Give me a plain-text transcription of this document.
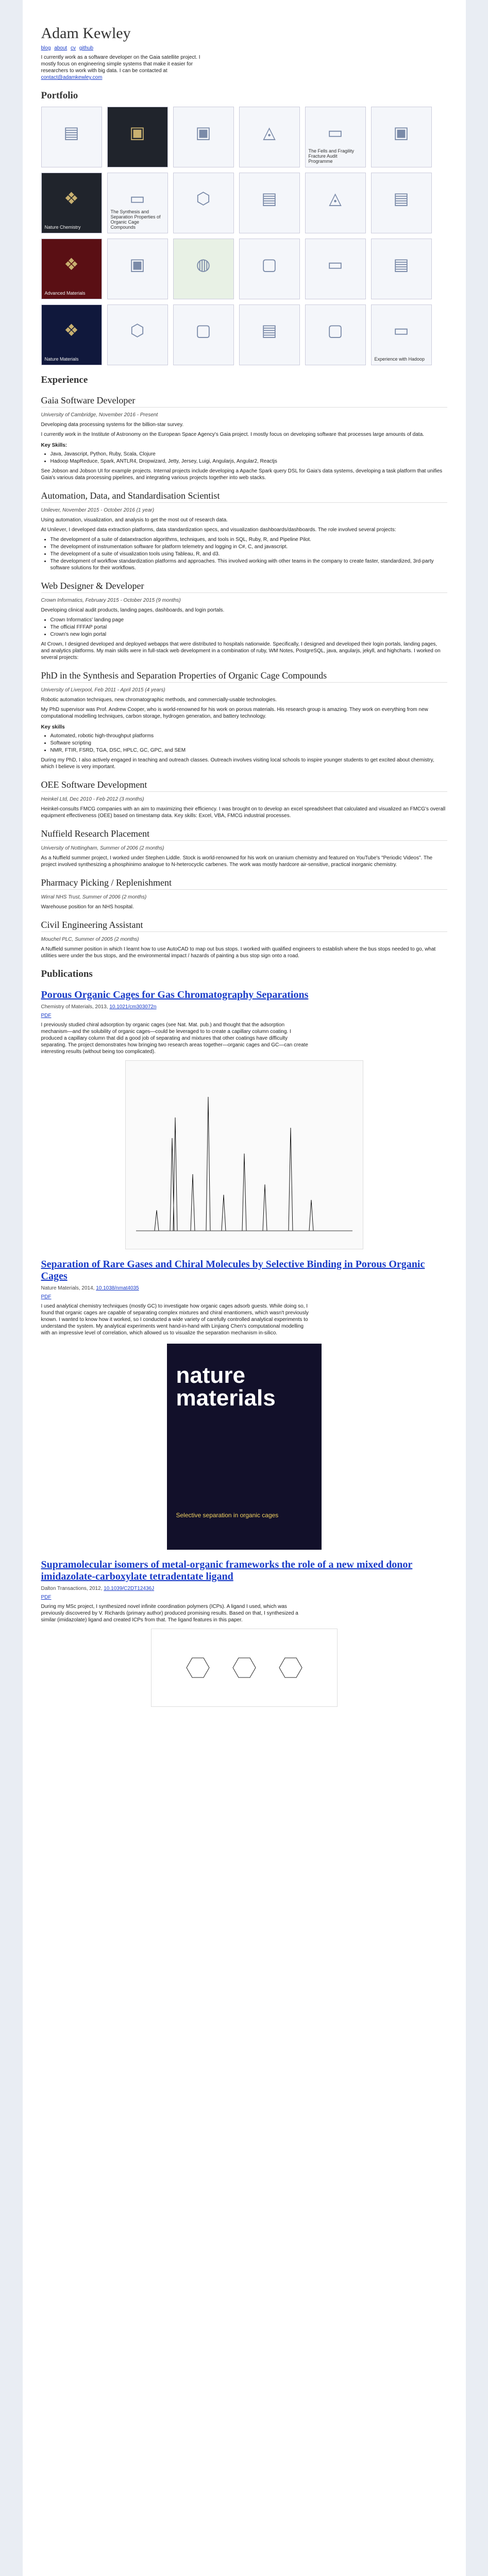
Adam Kewley
blog about cv github
I currently work as a software developer on the Gaia satellite project. I mostly focus on engineering simple systems that make it easier for researchers to work with big data. I can be contacted at contact@adamkewley.com
Portfolio
▤	▣	▣	◬	▭
The Fells and Fragility Fracture Audit Programme
▣
❖
Nature Chemistry
▭
The Synthesis and Separation Properties of Organic Cage Compounds
⬡	▤	◬	▤
❖
Advanced Materials
▣	◍	▢	▭	▤
❖
Nature Materials
⬡	▢	▤	▢	▭
Experience with Hadoop
Experience
Gaia Software Developer
University of Cambridge, November 2016 - Present

Developing data processing systems for the billion-star survey.

I currently work in the Institute of Astronomy on the European Space Agency's Gaia project. I mostly focus on developing software that processes large amounts of data.

Key Skills:
• Java, Javascript, Python, Ruby, Scala, Clojure
• Hadoop MapReduce, Spark, ANTLR4, Dropwizard, Jetty, Jersey, Luigi, Angularjs, Angular2, Reactjs

See Jobson and Jobson UI for example projects. Internal projects include developing a Apache Spark query DSL for Gaia's data systems, developing a task platform that unifies Gaia's various data processing pipelines, and integrating various projects together into web stacks.

Automation, Data, and Standardisation Scientist
Unilever, November 2015 - October 2016 (1 year)

Using automation, visualization, and analysis to get the most out of research data.

At Unilever, I developed data extraction platforms, data standardization specs, and visualization dashboards/dashboards. The role involved several projects:

• The development of a suite of dataextraction algorithms, techniques, and tools in SQL, Ruby, R, and Pipeline Pilot.
• The development of instrumentation software for platform telemetry and logging in C#, C, and javascript.
• The development of a suite of visualization tools using Tableau, R, and d3.
• The development of workflow standardization platforms and approaches. This involved working with other teams in the company to create faster, standardized, 3rd-party software solutions for their workflows.
Web Designer & Developer
Crown Informatics, February 2015 - October 2015 (9 months)

Developing clinical audit products, landing pages, dashboards, and login portals.

• Crown Informatics' landing page
• The official FFFAP portal
• Crown's new login portal

At Crown, I designed developed and deployed webapps that were distributed to hospitals nationwide. Specifically, I designed and developed their login portals, landing pages, and analytics platforms. My main skills were in full-stack web development in a combination of ruby, WM Notes, PostgreSQL, java, angularjs, jekyll, and highcharts. I worked on several projects:

PhD in the Synthesis and Separation Properties of Organic Cage Compounds
University of Liverpool, Feb 2011 - April 2015 (4 years)

Robotic automation techniques, new chromatographic methods, and commercially-usable technologies.

My PhD supervisor was Prof. Andrew Cooper, who is world-renowned for his work on porous materials. His research group is amazing. They work on everything from new computational modelling techniques, carbon storage, hydrogen generation, and battery technology.

Key skills
• Automated, robotic high-throughput platforms
• Software scripting
• NMR, FTIR, FSRD, TGA, DSC, HPLC, GC, GPC, and SEM

During my PhD, I also actively engaged in teaching and outreach classes. Outreach involves visiting local schools to inspire younger students to get excited about chemistry, which I believe is very important.

OEE Software Development
Heinkel Ltd, Dec 2010 - Feb 2012 (3 months)

Heinkel-consults FMCG companies with an aim to maximizing their efficiency. I was brought on to develop an excel spreadsheet that calculated and visualized an FMCG's overall equipment effectiveness (OEE) based on timestamp data. Key skills: Excel, VBA, FMCG industrial processes.

Nuffield Research Placement
University of Nottingham, Summer of 2006 (2 months)

As a Nuffield summer project, I worked under Stephen Liddle. Stock is world-renowned for his work on uranium chemistry and featured on YouTube's "Periodic Videos". The project involved synthesizing a phosphinimo analogue to N-heterocyclic carbenes. The work was mostly hardcore air-sensitive, practical inorganic chemistry.

Pharmacy Picking / Replenishment
Wirral NHS Trust, Summer of 2006 (2 months)

Warehouse position for an NHS hospital.

Civil Engineering Assistant
Mouchel PLC, Summer of 2005 (2 months)

A Nuffield summer position in which I learnt how to use AutoCAD to map out bus stops. I worked with qualified engineers to establish where the bus stops needed to go, what utilities were under the bus stops, and the environmental impact / hazards of painting a bus stop sign onto a road.

Publications
Porous Organic Cages for Gas Chromatography Separations
Chemistry of Materials, 2013, 10.1021/cm303072n
PDF

I previously studied chiral adsorption by organic cages (see Nat. Mat. pub.) and thought that the adsorption mechanism—and the solubility of organic cages—could be leveraged to to create a capillary column coating. I produced a capillary column that did a good job of separating and mixtures that other coatings have difficulty separating. The project demonstrates how bringing two research areas together—organic cages and GC—can create interesting results (without being too complicated).

Separation of Rare Gases and Chiral Molecules by Selective Binding in Porous Organic Cages
Nature Materials, 2014, 10.1038/nmat4035
PDF

I used analytical chemistry techniques (mostly GC) to investigate how organic cages adsorb guests. While doing so, I found that organic cages are capable of separating complex mixtures and chiral enantiomers, which wasn't previously known. I wanted to know how it worked, so I conducted a wide variety of carefully controlled analytical experiments to understand the system. My analytical experiments went hand-in-hand with Linjiang Chen's computational modelling with an impressive level of correlation, which allowed us to visualize the separation mechanism in-silico.

nature materials
Selective separation in organic cages
Supramolecular isomers of metal-organic frameworks the role of a new mixed donor imidazolate-carboxylate tetradentate ligand
Dalton Transactions, 2012, 10.1039/C2DT12436J
PDF

During my MSc project, I synthesized novel infinite coordination polymers (ICPs). A ligand I used, which was previously discovered by V. Richards (primary author) produced promising results. Based on that, I synthesized a similar (imidazolate) ligand and created ICPs from that. The ligand features in this paper.
